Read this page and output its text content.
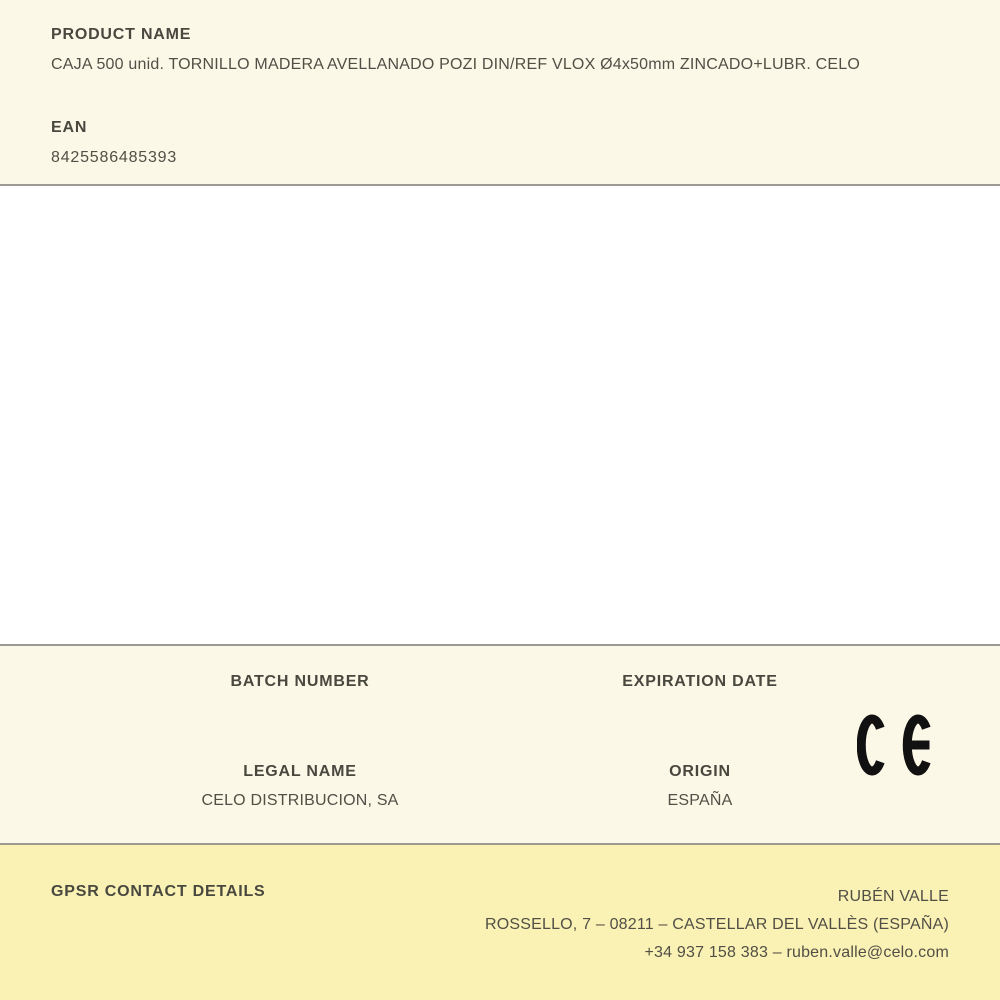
PRODUCT NAME
CAJA 500 unid. TORNILLO MADERA AVELLANADO POZI DIN/REF VLOX Ø4x50mm ZINCADO+LUBR. CELO
EAN
8425586485393
BATCH NUMBER	EXPIRATION DATE
LEGAL NAME	ORIGIN
CELO DISTRIBUCION, SA	ESPAÑA
GPSR CONTACT DETAILS	RUBÉN VALLE
ROSSELLO, 7 – 08211 – CASTELLAR DEL VALLÈS (ESPAÑA)
+34 937 158 383 – ruben.valle@celo.com
